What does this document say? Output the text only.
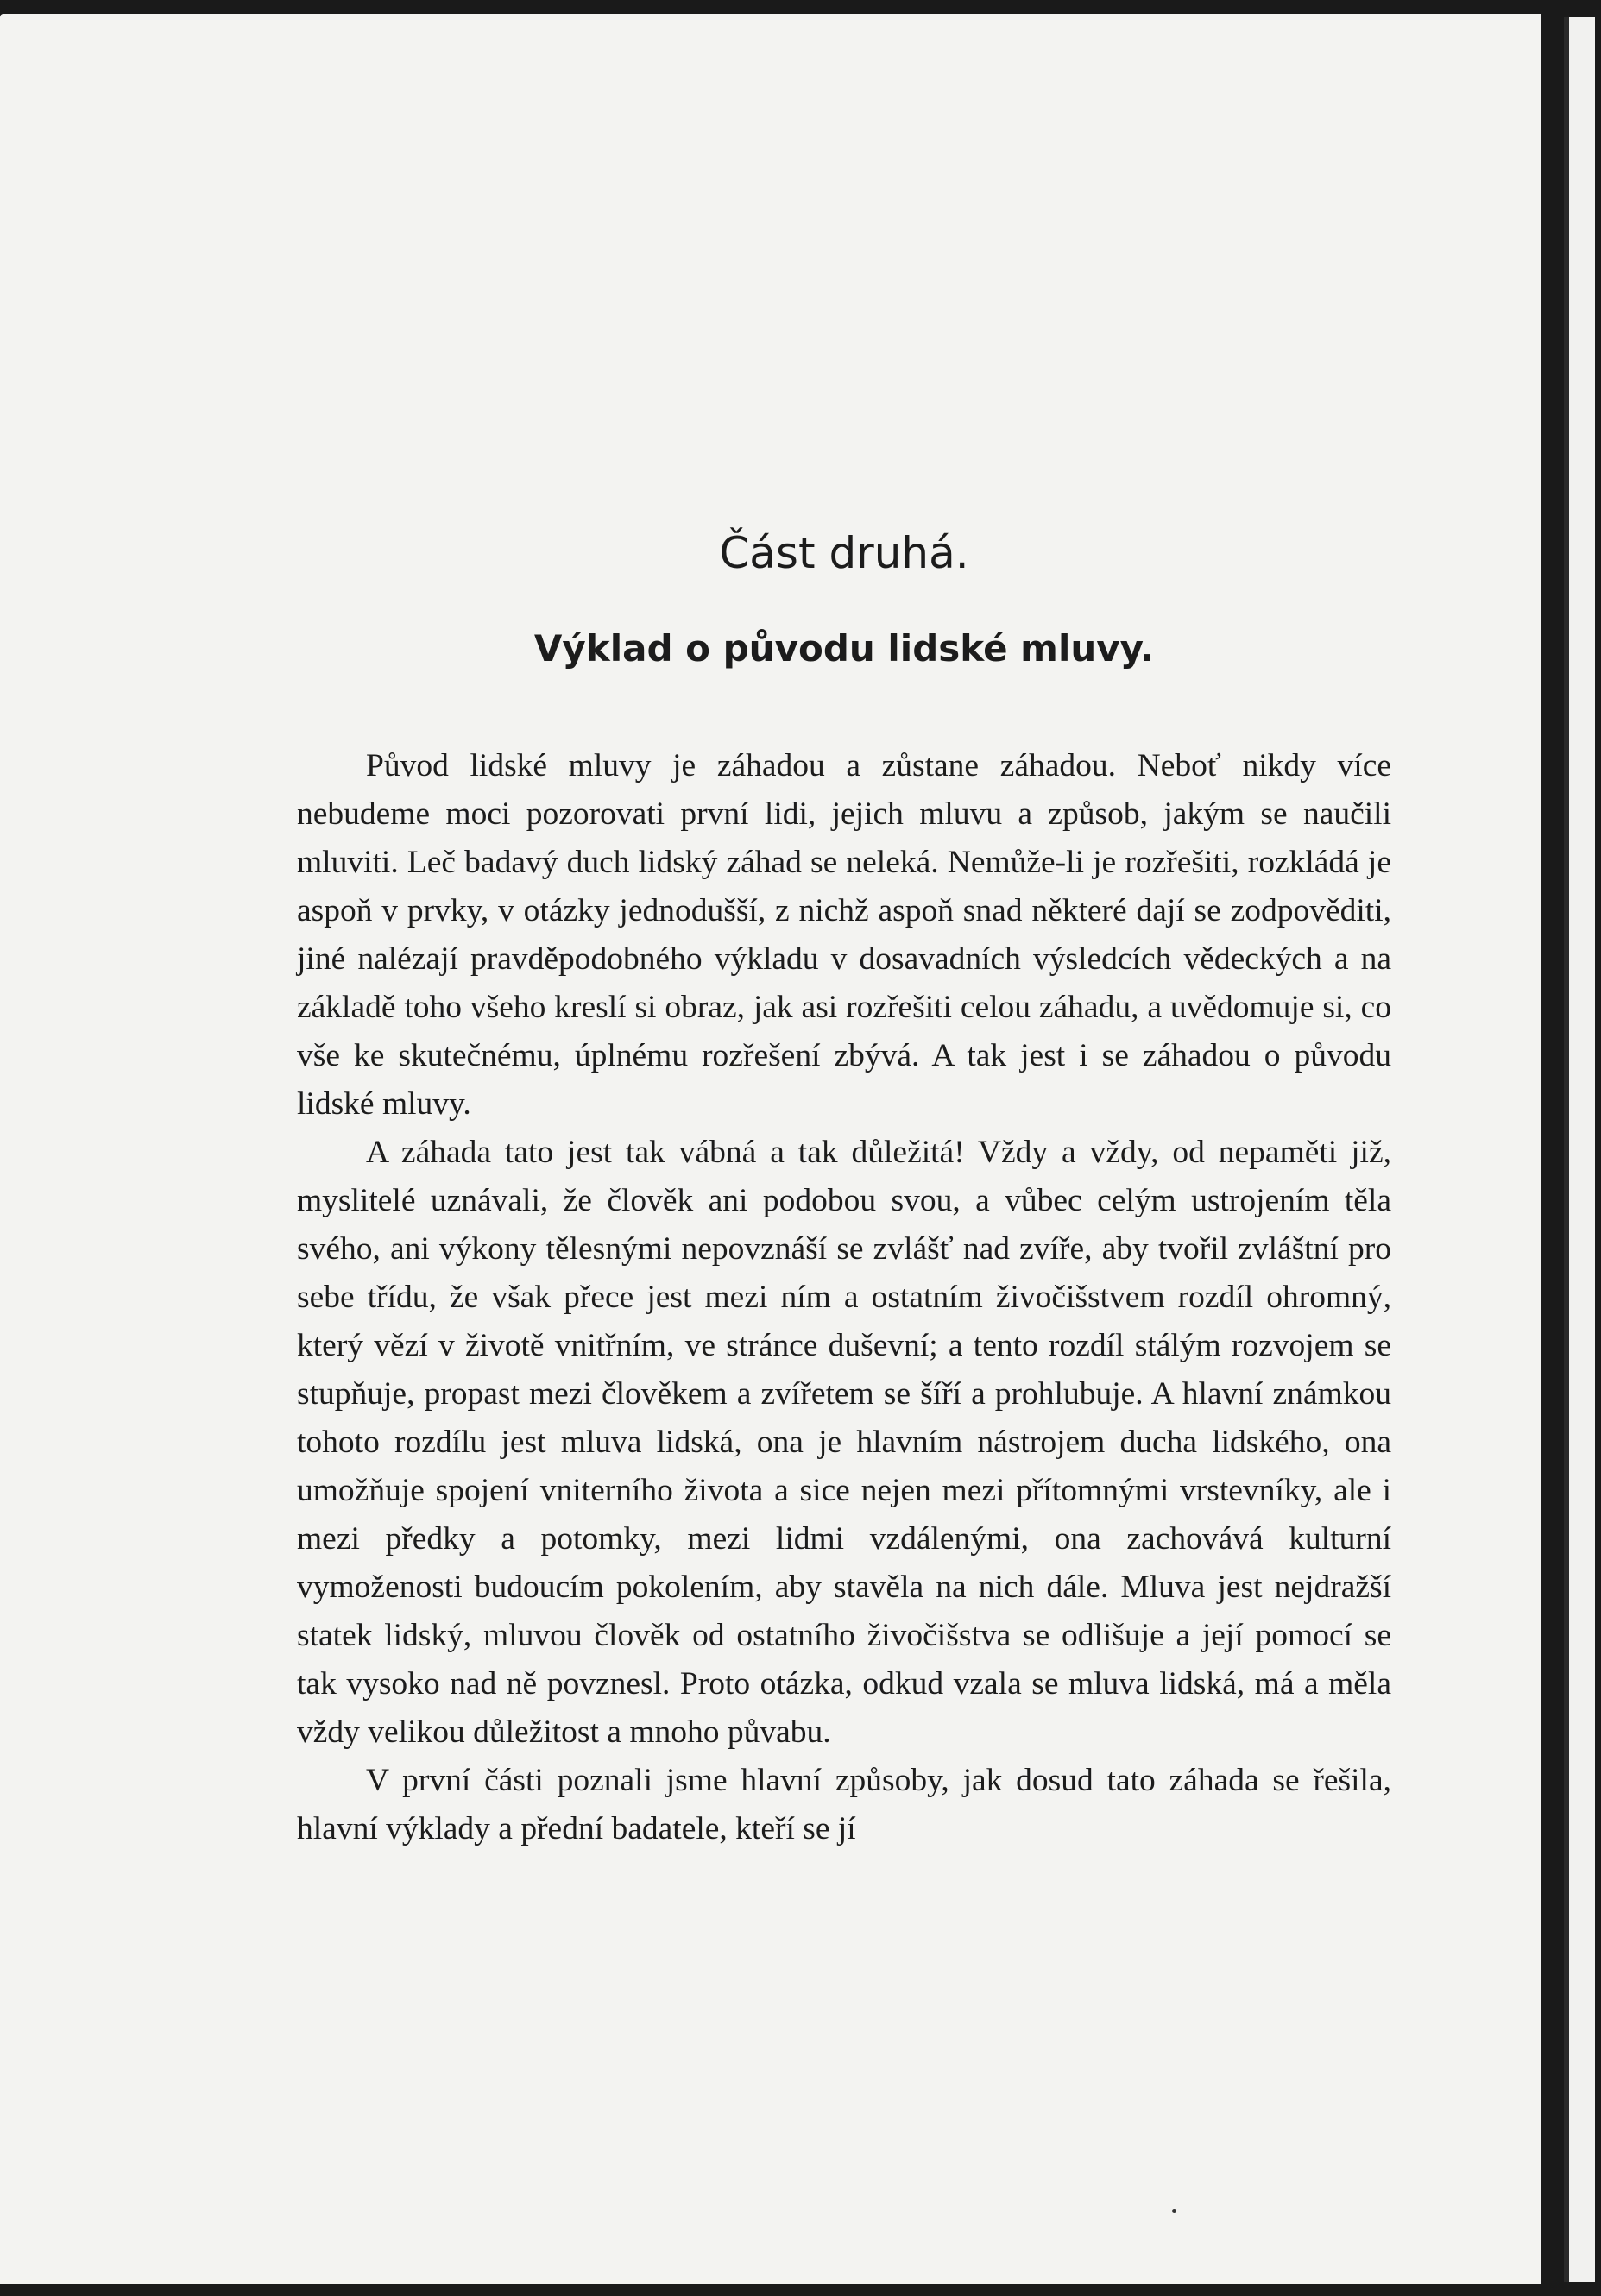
Část druhá.
Výklad o původu lidské mluvy.

Původ lidské mluvy je záhadou a zůstane záhadou. Neboť nikdy více nebudeme moci pozorovati první lidi, jejich mluvu a způsob, jakým se naučili mluviti. Leč badavý duch lidský záhad se neleká. Nemůže-li je rozřešiti, rozkládá je aspoň v prvky, v otázky jednodušší, z nichž aspoň snad některé dají se zodpověditi, jiné nalézají pravděpodobného výkladu v dosavadních výsledcích vědeckých a na základě toho všeho kreslí si obraz, jak asi rozřešiti celou záhadu, a uvědomuje si, co vše ke skutečnému, úplnému rozřešení zbývá. A tak jest i se záhadou o původu lidské mluvy.

A záhada tato jest tak vábná a tak důležitá! Vždy a vždy, od nepaměti již, myslitelé uznávali, že člověk ani podobou svou, a vůbec celým ustrojením těla svého, ani výkony tělesnými nepovznáší se zvlášť nad zvíře, aby tvořil zvláštní pro sebe třídu, že však přece jest mezi ním a ostatním živočišstvem rozdíl ohromný, který vězí v životě vnitřním, ve stránce duševní; a tento rozdíl stálým rozvojem se stupňuje, propast mezi člověkem a zvířetem se šíří a prohlubuje. A hlavní známkou tohoto rozdílu jest mluva lidská, ona je hlavním nástrojem ducha lidského, ona umožňuje spojení vniterního života a sice nejen mezi přítomnými vrstevníky, ale i mezi předky a potomky, mezi lidmi vzdálenými, ona zachovává kulturní vymoženosti budoucím pokolením, aby stavěla na nich dále. Mluva jest nejdražší statek lidský, mluvou člověk od ostatního živočišstva se odlišuje a její pomocí se tak vysoko nad ně povznesl. Proto otázka, odkud vzala se mluva lidská, má a měla vždy velikou důležitost a mnoho půvabu.

V první části poznali jsme hlavní způsoby, jak dosud tato záhada se řešila, hlavní výklady a přední badatele, kteří se jí
